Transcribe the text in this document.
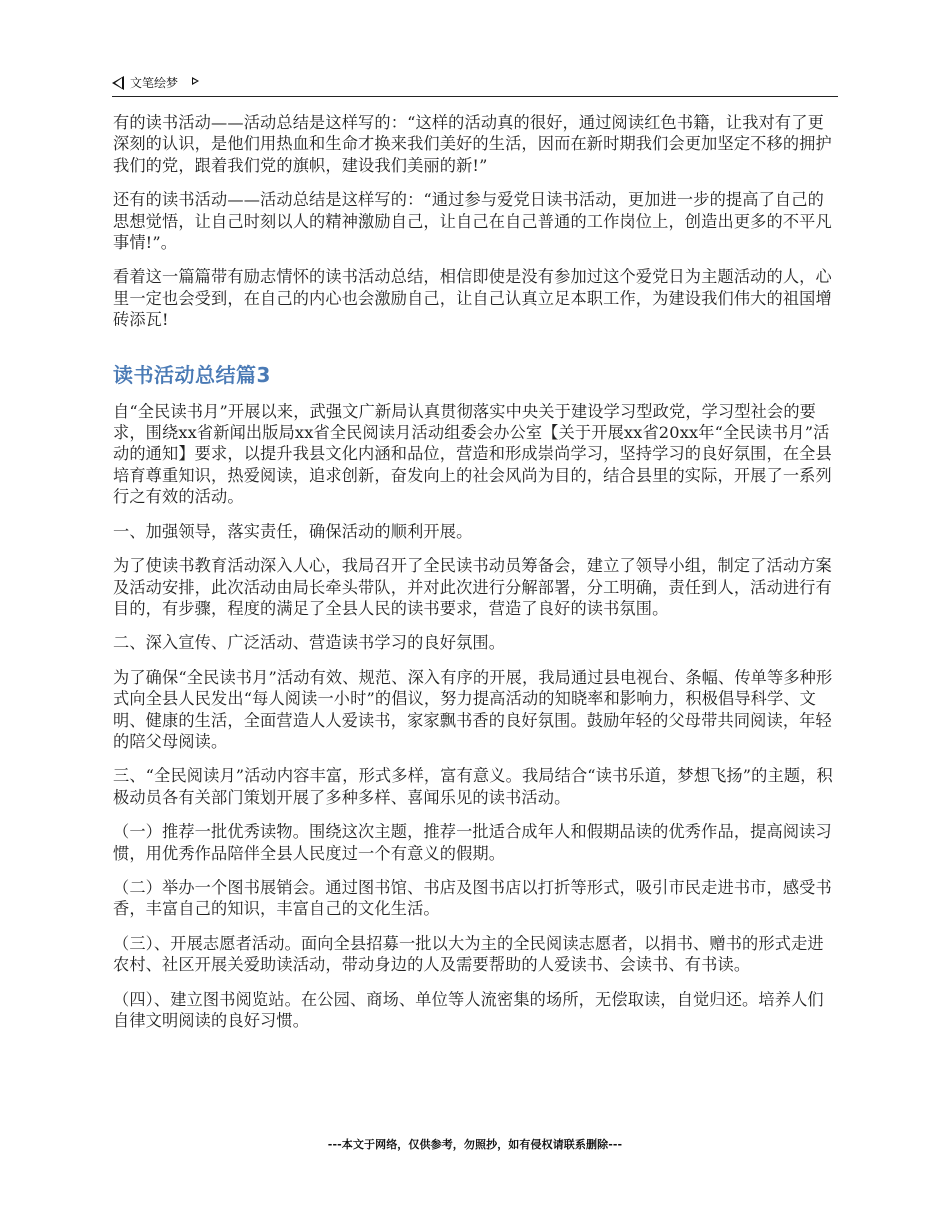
文笔绘梦

有的读书活动——活动总结是这样写的：“这样的活动真的很好，通过阅读红色书籍，让我对有了更深刻的认识，是他们用热血和生命才换来我们美好的生活，因而在新时期我们会更加坚定不移的拥护我们的党，跟着我们党的旗帜，建设我们美丽的新!”

还有的读书活动——活动总结是这样写的：“通过参与爱党日读书活动，更加进一步的提高了自己的思想觉悟，让自己时刻以人的精神激励自己，让自己在自己普通的工作岗位上，创造出更多的不平凡事情!”。

看着这一篇篇带有励志情怀的读书活动总结，相信即使是没有参加过这个爱党日为主题活动的人，心里一定也会受到，在自己的内心也会激励自己，让自己认真立足本职工作，为建设我们伟大的祖国增砖添瓦!

读书活动总结篇3

自“全民读书月”开展以来，武强文广新局认真贯彻落实中央关于建设学习型政党，学习型社会的要求，围绕xx省新闻出版局xx省全民阅读月活动组委会办公室【关于开展xx省20xx年“全民读书月”活动的通知】要求，以提升我县文化内涵和品位，营造和形成崇尚学习，坚持学习的良好氛围，在全县培育尊重知识，热爱阅读，追求创新，奋发向上的社会风尚为目的，结合县里的实际，开展了一系列行之有效的活动。

一、加强领导，落实责任，确保活动的顺利开展。

为了使读书教育活动深入人心，我局召开了全民读书动员筹备会，建立了领导小组，制定了活动方案及活动安排，此次活动由局长牵头带队，并对此次进行分解部署，分工明确，责任到人，活动进行有目的，有步骤，程度的满足了全县人民的读书要求，营造了良好的读书氛围。

二、深入宣传、广泛活动、营造读书学习的良好氛围。

为了确保“全民读书月”活动有效、规范、深入有序的开展，我局通过县电视台、条幅、传单等多种形式向全县人民发出“每人阅读一小时”的倡议，努力提高活动的知晓率和影响力，积极倡导科学、文明、健康的生活，全面营造人人爱读书，家家飘书香的良好氛围。鼓励年轻的父母带共同阅读，年轻的陪父母阅读。

三、“全民阅读月”活动内容丰富，形式多样，富有意义。我局结合“读书乐道，梦想飞扬”的主题，积极动员各有关部门策划开展了多种多样、喜闻乐见的读书活动。

（一）推荐一批优秀读物。围绕这次主题，推荐一批适合成年人和假期品读的优秀作品，提高阅读习惯，用优秀作品陪伴全县人民度过一个有意义的假期。

（二）举办一个图书展销会。通过图书馆、书店及图书店以打折等形式，吸引市民走进书市，感受书香，丰富自己的知识，丰富自己的文化生活。

（三）、开展志愿者活动。面向全县招募一批以大为主的全民阅读志愿者，以捐书、赠书的形式走进农村、社区开展关爱助读活动，带动身边的人及需要帮助的人爱读书、会读书、有书读。

（四）、建立图书阅览站。在公园、商场、单位等人流密集的场所，无偿取读，自觉归还。培养人们自律文明阅读的良好习惯。

---本文于网络，仅供参考，勿照抄，如有侵权请联系删除---
